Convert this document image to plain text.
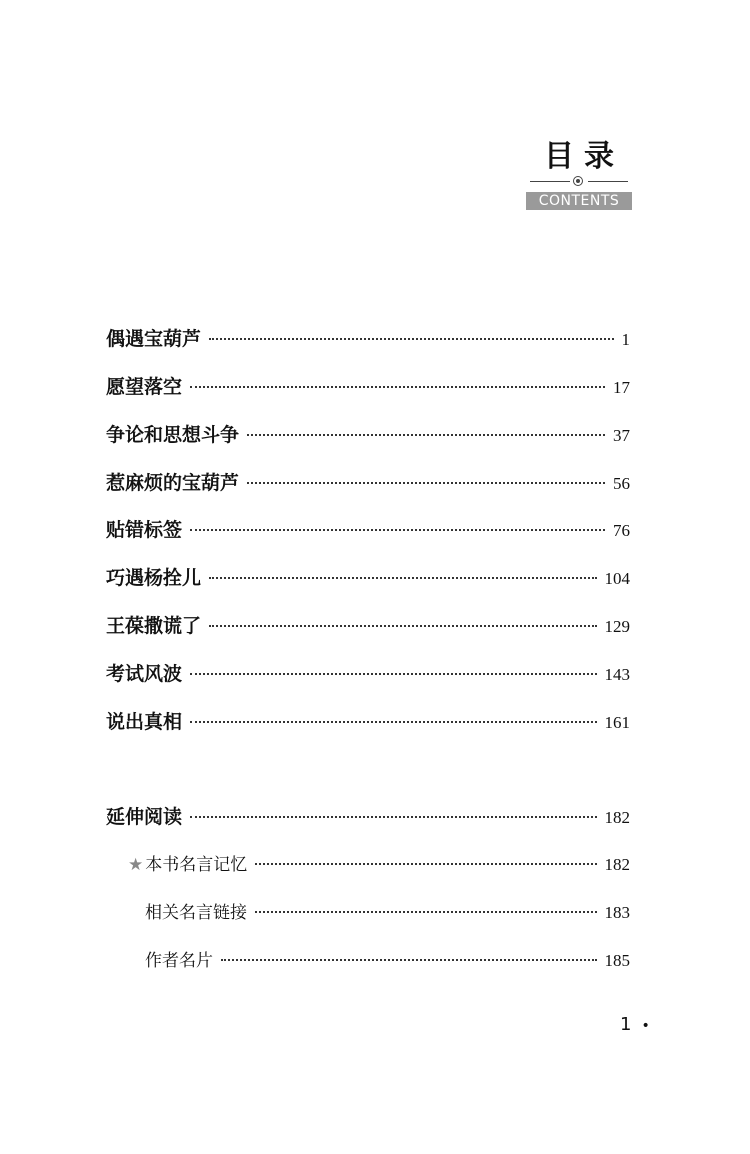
目录
CONTENTS
偶遇宝葫芦	1
愿望落空	17
争论和思想斗争	37
惹麻烦的宝葫芦	56
贴错标签	76
巧遇杨拴儿	104
王葆撒谎了	129
考试风波	143
说出真相	161
延伸阅读	182
★ 本书名言记忆	182
相关名言链接	183
作者名片	185
1 •
